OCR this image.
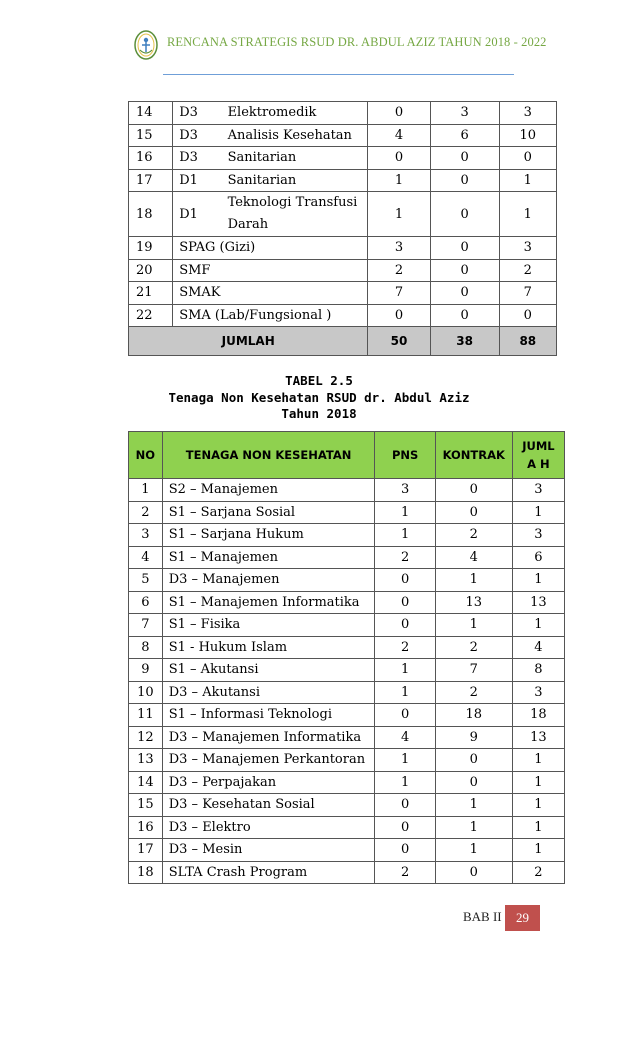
RENCANA STRATEGIS RSUD DR. ABDUL AZIZ TAHUN 2018 - 2022
14	D3	Elektromedik	0	3	3
15	D3	Analisis Kesehatan	4	6	10
16	D3	Sanitarian	0	0	0
17	D1	Sanitarian	1	0	1
18	D1	Teknologi Transfusi Darah	1	0	1
19	SPAG (Gizi)		3	0	3
20	SMF		2	0	2
21	SMAK		7	0	7
22	SMA (Lab/Fungsional )		0	0	0
JUMLAH			50	38	88
TABEL 2.5
Tenaga Non Kesehatan RSUD dr. Abdul Aziz
Tahun 2018
NO	TENAGA NON KESEHATAN	PNS	KONTRAK	JUMLA H
1	S2 – Manajemen	3	0	3
2	S1 – Sarjana Sosial	1	0	1
3	S1 – Sarjana Hukum	1	2	3
4	S1 – Manajemen	2	4	6
5	D3 – Manajemen	0	1	1
6	S1 – Manajemen Informatika	0	13	13
7	S1 – Fisika	0	1	1
8	S1 - Hukum Islam	2	2	4
9	S1 – Akutansi	1	7	8
10	D3 – Akutansi	1	2	3
11	S1 – Informasi Teknologi	0	18	18
12	D3 – Manajemen Informatika	4	9	13
13	D3 – Manajemen Perkantoran	1	0	1
14	D3 – Perpajakan	1	0	1
15	D3 – Kesehatan Sosial	0	1	1
16	D3 – Elektro	0	1	1
17	D3 – Mesin	0	1	1
18	SLTA Crash Program	2	0	2
BAB II	29
